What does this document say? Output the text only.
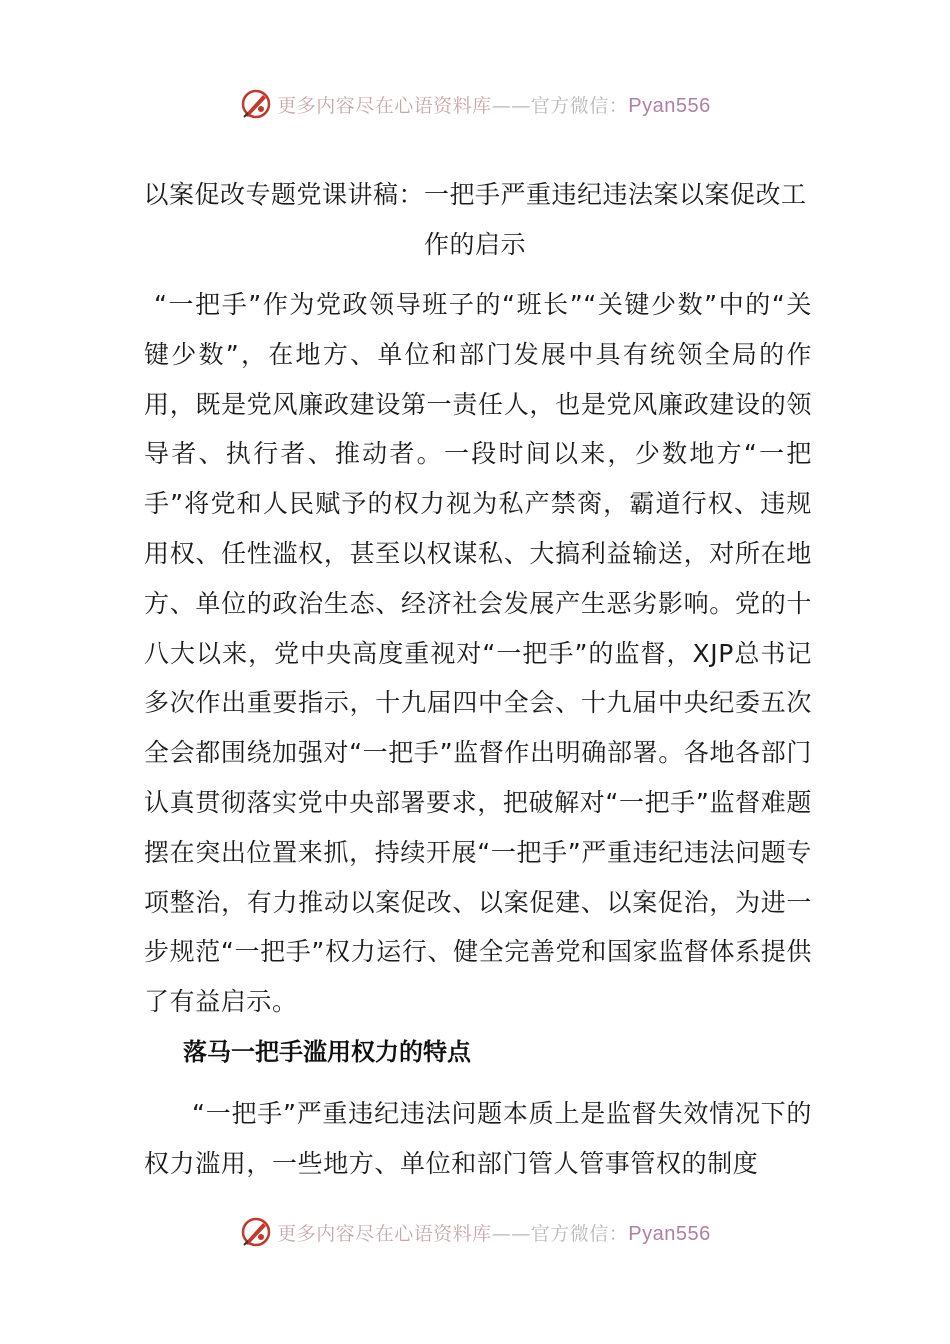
更多内容尽在心语资料库——官方微信：Pyan556
以案促改专题党课讲稿：一把手严重违纪违法案以案促改工作的启示
“一把手”作为党政领导班子的“班长”“关键少数”中的“关键少数”，在地方、单位和部门发展中具有统领全局的作用，既是党风廉政建设第一责任人，也是党风廉政建设的领导者、执行者、推动者。一段时间以来，少数地方“一把手”将党和人民赋予的权力视为私产禁脔，霸道行权、违规用权、任性滥权，甚至以权谋私、大搞利益输送，对所在地方、单位的政治生态、经济社会发展产生恶劣影响。党的十八大以来，党中央高度重视对“一把手”的监督，XJP总书记多次作出重要指示，十九届四中全会、十九届中央纪委五次全会都围绕加强对“一把手”监督作出明确部署。各地各部门认真贯彻落实党中央部署要求，把破解对“一把手”监督难题摆在突出位置来抓，持续开展“一把手”严重违纪违法问题专项整治，有力推动以案促改、以案促建、以案促治，为进一步规范“一把手”权力运行、健全完善党和国家监督体系提供了有益启示。
落马一把手滥用权力的特点
“一把手”严重违纪违法问题本质上是监督失效情况下的权力滥用，一些地方、单位和部门管人管事管权的制度
更多内容尽在心语资料库——官方微信：Pyan556
